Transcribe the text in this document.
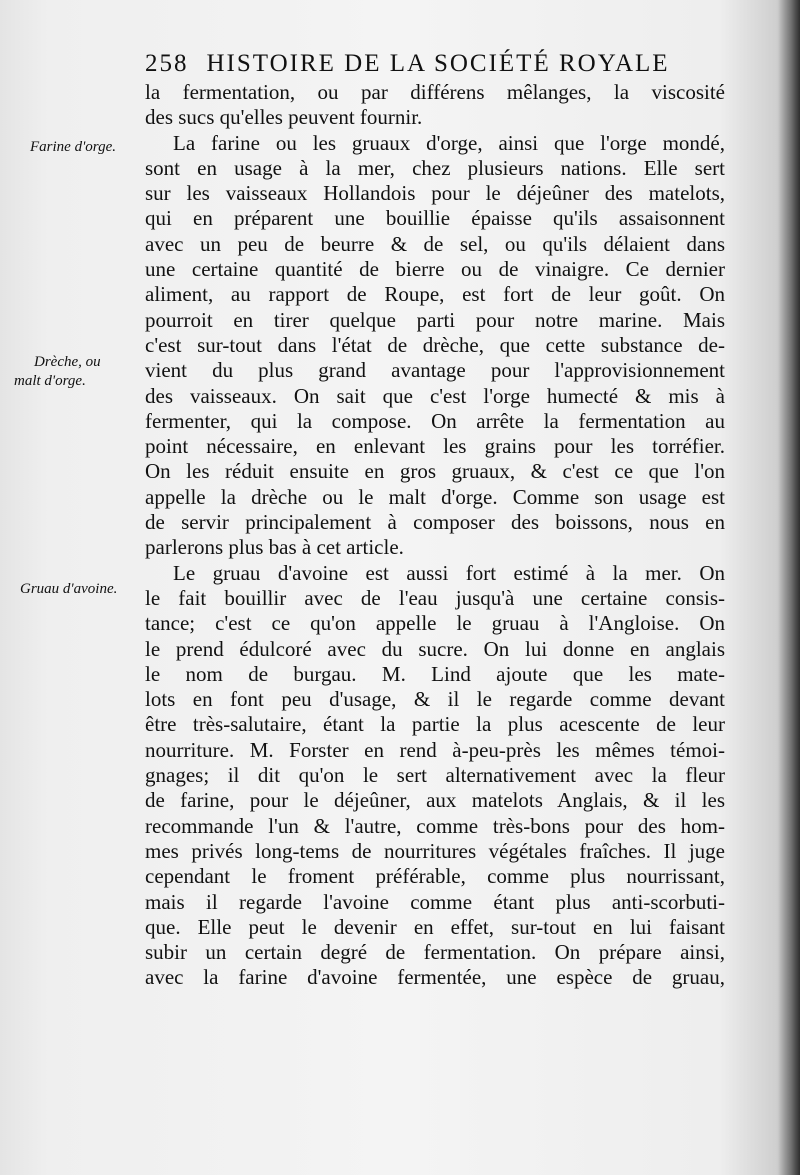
258 HISTOIRE DE LA SOCIÉTÉ ROYALE
Farine d'orge.
Drèche, ou
malt d'orge.
Gruau d'avoine.
la fermentation, ou par différens mêlanges, la viscosité
des sucs qu'elles peuvent fournir.
La farine ou les gruaux d'orge, ainsi que l'orge mondé,
sont en usage à la mer, chez plusieurs nations. Elle sert
sur les vaisseaux Hollandois pour le déjeûner des matelots,
qui en préparent une bouillie épaisse qu'ils assaisonnent
avec un peu de beurre & de sel, ou qu'ils délaient dans
une certaine quantité de bierre ou de vinaigre. Ce dernier
aliment, au rapport de Roupe, est fort de leur goût. On
pourroit en tirer quelque parti pour notre marine. Mais
c'est sur-tout dans l'état de drèche, que cette substance de-
vient du plus grand avantage pour l'approvisionnement
des vaisseaux. On sait que c'est l'orge humecté & mis à
fermenter, qui la compose. On arrête la fermentation au
point nécessaire, en enlevant les grains pour les torréfier.
On les réduit ensuite en gros gruaux, & c'est ce que l'on
appelle la drèche ou le malt d'orge. Comme son usage est
de servir principalement à composer des boissons, nous en
parlerons plus bas à cet article.
Le gruau d'avoine est aussi fort estimé à la mer. On
le fait bouillir avec de l'eau jusqu'à une certaine consis-
tance; c'est ce qu'on appelle le gruau à l'Angloise. On
le prend édulcoré avec du sucre. On lui donne en anglais
le nom de burgau. M. Lind ajoute que les mate-
lots en font peu d'usage, & il le regarde comme devant
être très-salutaire, étant la partie la plus acescente de leur
nourriture. M. Forster en rend à-peu-près les mêmes témoi-
gnages; il dit qu'on le sert alternativement avec la fleur
de farine, pour le déjeûner, aux matelots Anglais, & il les
recommande l'un & l'autre, comme très-bons pour des hom-
mes privés long-tems de nourritures végétales fraîches. Il juge
cependant le froment préférable, comme plus nourrissant,
mais il regarde l'avoine comme étant plus anti-scorbuti-
que. Elle peut le devenir en effet, sur-tout en lui faisant
subir un certain degré de fermentation. On prépare ainsi,
avec la farine d'avoine fermentée, une espèce de gruau,
